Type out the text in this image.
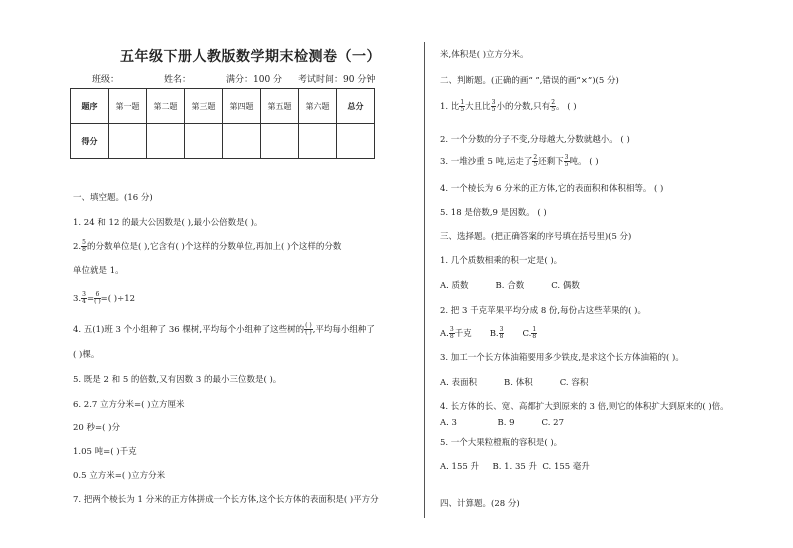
五年级下册人教版数学期末检测卷（一）
班级：	姓名：	满分：100 分 考试时间：90 分钟
题序	第一题	第二题	第三题	第四题	第五题	第六题	总分
得分							
一、填空题。(16 分)
1. 24 和 12 的最大公因数是( ),最小公倍数是( )。
2. $\frac{5}{8}$ 的分数单位是( ),它含有( )个这样的分数单位,再加上( )个这样的分数
单位就是 1。
3. $\frac{3}{4} = \frac{6}{( )}$ =( )÷12
4. 五(1)班 3 个小组种了 36 棵树,平均每个小组种了这些树的 $\frac{( )}{( )}$ ,平均每小组种了
( )棵。
5. 既是 2 和 5 的倍数,又有因数 3 的最小三位数是( )。
6. 2.7 立方分米=( )立方厘米
20 秒=( )分
1.05 吨=( )千克
0.5 立方米=( )立方分米
7. 把两个棱长为 1 分米的正方体拼成一个长方体,这个长方体的表面积是( )平方分
米,体积是( )立方分米。
二、判断题。(正确的画“ ”,错误的画“×”)(5 分)
1. 比 $\frac{1}{5}$ 大且比 $\frac{3}{5}$ 小的分数,只有 $\frac{2}{5}$ 。 ( )
2. 一个分数的分子不变,分母越大,分数就越小。 ( )
3. 一堆沙重 5 吨,运走了 $\frac{2}{5}$ 还剩下 $\frac{3}{5}$ 吨。 ( )
4. 一个棱长为 6 分米的正方体,它的表面积和体积相等。 ( )
5. 18 是倍数,9 是因数。 ( )
三、选择题。(把正确答案的序号填在括号里)(5 分)
1. 几个质数相乘的积一定是( )。
A. 质数          B. 合数          C. 偶数
2. 把 3 千克苹果平均分成 8 份,每份占这些苹果的( )。
A. $\frac{3}{8}$ 千克 B. $\frac{3}{8} C$. $\frac{1}{8}$
3. 加工一个长方体油箱要用多少铁皮,是求这个长方体油箱的( )。
A. 表面积          B. 体积          C. 容积
4. 长方体的长、宽、高都扩大到原来的 3 倍,则它的体积扩大到原来的( )倍。
A. 3               B. 9          C. 27
5. 一个大果粒橙瓶的容积是( )。
A. 155 升     B. 1. 35 升  C. 155 毫升
四、计算题。(28 分)
